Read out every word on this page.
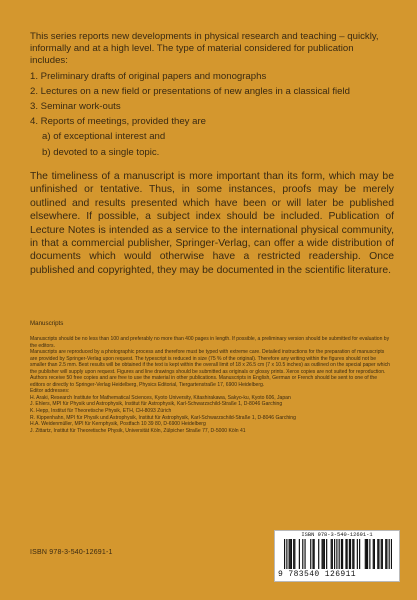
This series reports new developments in physical research and teaching – quickly, informally and at a high level. The type of material considered for publication includes:

1. Preliminary drafts of original papers and monographs
2. Lectures on a new field or presentations of new angles in a classical field
3. Seminar work-outs
4. Reports of meetings, provided they are
a) of exceptional interest and
b) devoted to a single topic.
The timeliness of a manuscript is more important than its form, which may be unfinished or tentative. Thus, in some instances, proofs may be merely outlined and results presented which have been or will later be published elsewhere. If possible, a subject index should be included. Publication of Lecture Notes is intended as a service to the international physical community, in that a commercial publisher, Springer-Verlag, can offer a wide distribution of documents which would otherwise have a restricted readership. Once published and copyrighted, they may be documented in the scientific literature.
Manuscripts

Manuscripts should be no less than 100 and preferably no more than 400 pages in length. If possible, a preliminary version should be submitted for evaluation by the editors.

Manuscripts are reproduced by a photographic process and therefore must be typed with extreme care. Detailed instructions for the preparation of manuscripts are provided by Springer-Verlag upon request. The typescript is reduced in size (75 % of the original). Therefore any writing within the figures should not be smaller than 2.5 mm. Best results will be obtained if the text is kept within the overall limit of 18 x 26.5 cm (7 x 10.5 inches) as outlined on the special paper which the publisher will supply upon request. Figures and line drawings should be submitted as originals or glossy prints. Xerox copies are not suited for reproduction.

Authors receive 50 free copies and are free to use the material in other publications. Manuscripts in English, German or French should be sent to one of the editors or directly to Springer-Verlag Heidelberg, Physics Editorial, Tiergartenstraße 17, 6900 Heidelberg.

Editor addresses:

H. Araki, Research Institute for Mathematical Sciences, Kyoto University, Kitashirakawa, Sakyo-ku, Kyoto 606, Japan

J. Ehlers, MPI für Physik und Astrophysik, Institut für Astrophysik, Karl-Schwarzschild-Straße 1, D-8046 Garching

K. Hepp, Institut für Theoretische Physik, ETH, CH-8093 Zürich

R. Kippenhahn, MPI für Physik und Astrophysik, Institut für Astrophysik, Karl-Schwarzschild-Straße 1, D-8046 Garching

H.A. Weidenmüller, MPI für Kernphysik, Postfach 10 39 80, D-6900 Heidelberg

J. Zittartz, Institut für Theoretische Physik, Universität Köln, Zülpicher Straße 77, D-5000 Köln 41

ISBN 978-3-540-12691-1
ISBN 978-3-540-12691-1
9 783540 126911
